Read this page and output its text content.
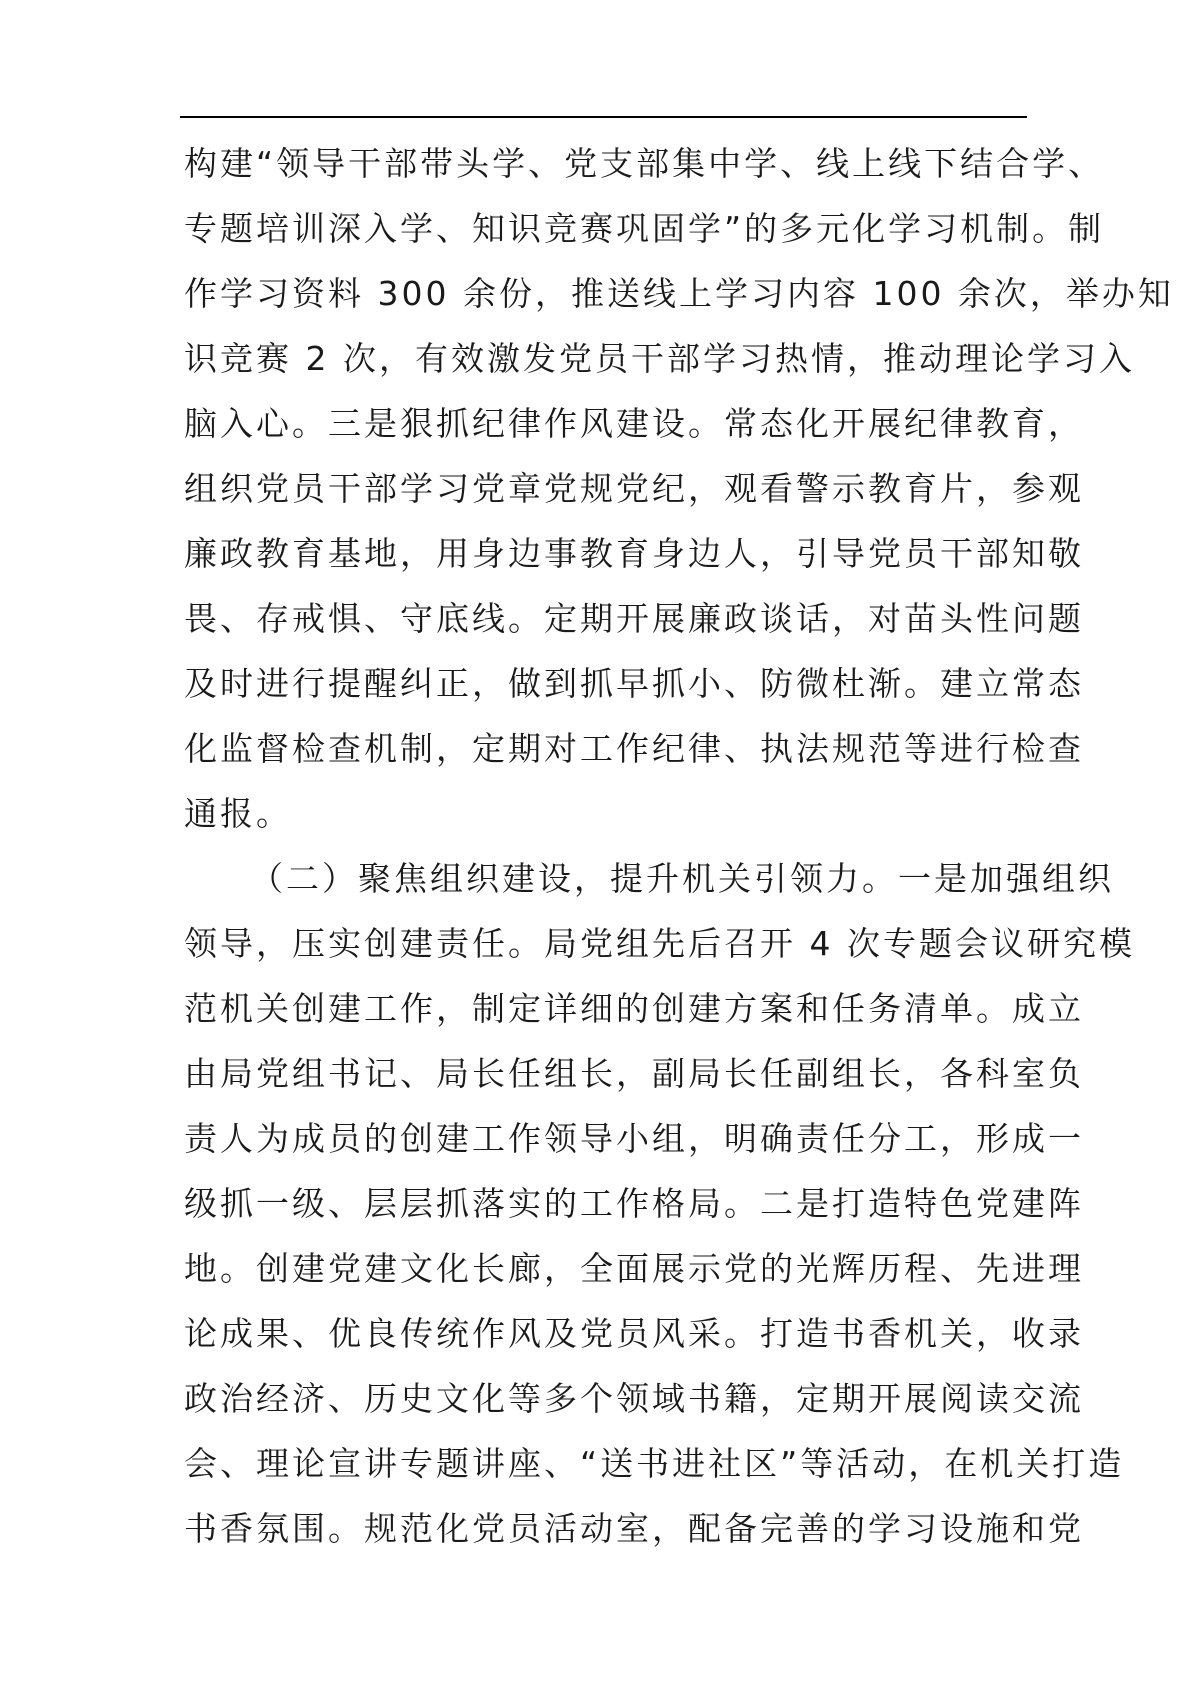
构建“领导干部带头学、党支部集中学、线上线下结合学、
专题培训深入学、知识竞赛巩固学”的多元化学习机制。制
作学习资料 300 余份，推送线上学习内容 100 余次，举办知
识竞赛 2 次，有效激发党员干部学习热情，推动理论学习入
脑入心。三是狠抓纪律作风建设。常态化开展纪律教育，
组织党员干部学习党章党规党纪，观看警示教育片，参观
廉政教育基地，用身边事教育身边人，引导党员干部知敬
畏、存戒惧、守底线。定期开展廉政谈话，对苗头性问题
及时进行提醒纠正，做到抓早抓小、防微杜渐。建立常态
化监督检查机制，定期对工作纪律、执法规范等进行检查
通报。
（二）聚焦组织建设，提升机关引领力。一是加强组织
领导，压实创建责任。局党组先后召开 4 次专题会议研究模
范机关创建工作，制定详细的创建方案和任务清单。成立
由局党组书记、局长任组长，副局长任副组长，各科室负
责人为成员的创建工作领导小组，明确责任分工，形成一
级抓一级、层层抓落实的工作格局。二是打造特色党建阵
地。创建党建文化长廊，全面展示党的光辉历程、先进理
论成果、优良传统作风及党员风采。打造书香机关，收录
政治经济、历史文化等多个领域书籍，定期开展阅读交流
会、理论宣讲专题讲座、“送书进社区”等活动，在机关打造
书香氛围。规范化党员活动室，配备完善的学习设施和党
